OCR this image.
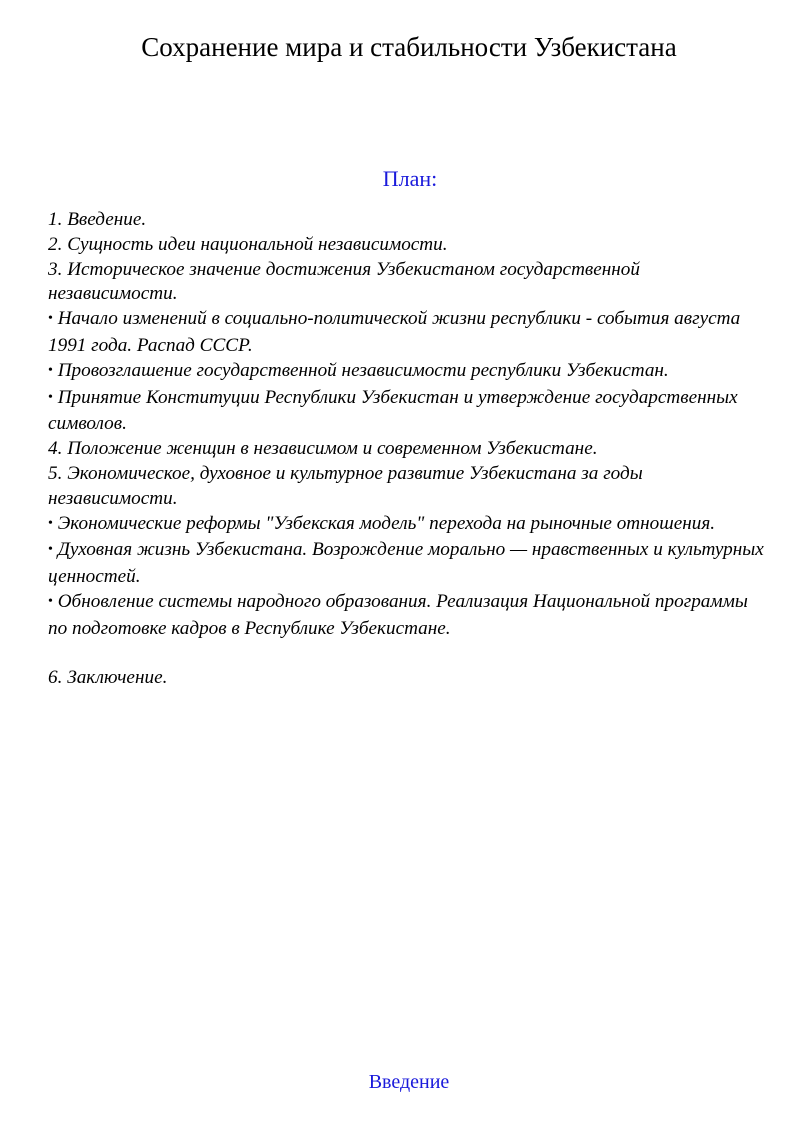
Сохранение мира и стабильности Узбекистана
План:

1. Введение.

2. Сущность идеи национальной независимости.

3. Историческое значение достижения Узбекистаном государственной независимости.

• Начало изменений в социально-политической жизни республики - события августа 1991 года. Распад СССР.

• Провозглашение государственной независимости республики Узбекистан.

• Принятие Конституции Республики Узбекистан и утверждение государственных символов.

4. Положение женщин в независимом и современном Узбекистане.

5. Экономическое, духовное и культурное развитие Узбекистана за годы независимости.

• Экономические реформы "Узбекская модель" перехода на рыночные отношения.

• Духовная жизнь Узбекистана. Возрождение морально — нравственных и культурных ценностей.

• Обновление системы народного образования. Реализация Национальной программы по подготовке кадров в Республике Узбекистане.

6. Заключение.

Введение
